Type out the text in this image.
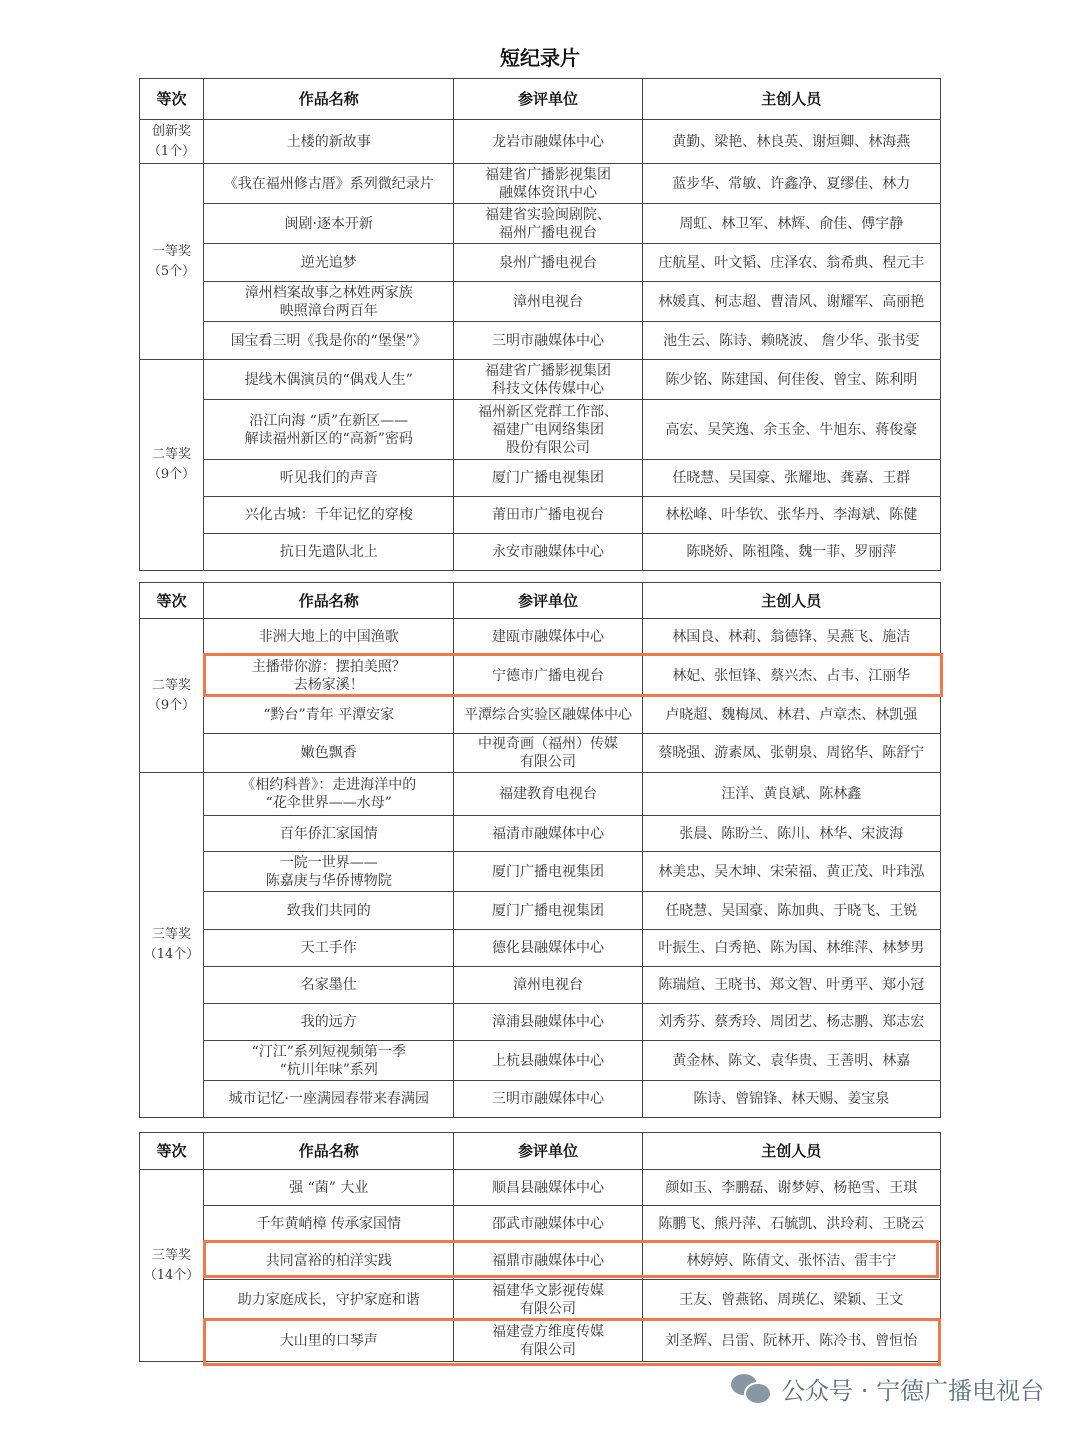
短纪录片
等次	作品名称	参评单位	主创人员

创新奖
（1个）	土楼的新故事	龙岩市融媒体中心	黄勤、梁艳、林良英、谢烜卿、林海燕

一等奖
（5个）	《我在福州修古厝》系列微纪录片	福建省广播影视集团
融媒体资讯中心	蓝步华、常敏、许鑫净、夏缪佳、林力

	闽剧·逐本开新	福建省实验闽剧院、
福州广播电视台	周虹、林卫军、林辉、俞佳、傅宇静

	逆光追梦	泉州广播电视台	庄航星、叶文韬、庄泽农、翁希典、程元丰

	漳州档案故事之林姓两家族
映照漳台两百年	漳州电视台	林媛真、柯志超、曹清风、谢耀军、高丽艳

	国宝看三明《我是你的“堡堡”》	三明市融媒体中心	池生云、陈诗、赖晓波、 詹少华、张书雯

二等奖
（9个）	提线木偶演员的“偶戏人生”	福建省广播影视集团
科技文体传媒中心	陈少铭、陈建国、何佳俊、曾宝、陈利明

	沿江向海 “质”在新区——
解读福州新区的“高新”密码	福州新区党群工作部、
福建广电网络集团
股份有限公司	高宏、吴笑逸、余玉金、牛旭东、蒋俊豪

	听见我们的声音	厦门广播电视集团	任晓慧、吴国豪、张耀地、龚嘉、王群

	兴化古城：千年记忆的穿梭	莆田市广播电视台	林松峰、叶华钦、张华丹、李海斌、陈健

	抗日先遣队北上	永安市融媒体中心	陈晓娇、陈祖隆、魏一菲、罗丽萍
等次	作品名称	参评单位	主创人员

二等奖
（9个）	非洲大地上的中国渔歌	建瓯市融媒体中心	林国良、林莉、翁德锋、吴燕飞、施洁

	主播带你游：摆拍美照？
去杨家溪！	宁德市广播电视台	林妃、张恒锋、蔡兴杰、占韦、江丽华

	“黔台”青年 平潭安家	平潭综合实验区融媒体中心	卢晓超、魏梅凤、林君、卢章杰、林凯强

	嫩色飘香	中视奇画（福州）传媒
有限公司	蔡晓强、游素凤、张朝泉、周铭华、陈舒宁

三等奖
（14个）	《相约科普》：走进海洋中的
“花伞世界——水母”	福建教育电视台	汪洋、黄良斌、陈林鑫

	百年侨汇家国情	福清市融媒体中心	张晨、陈盼兰、陈川、林华、宋波海

	一院一世界——
陈嘉庚与华侨博物院	厦门广播电视集团	林美忠、吴木坤、宋荣福、黄正茂、叶玮泓

	致我们共同的	厦门广播电视集团	任晓慧、吴国豪、陈加典、于晓飞、王锐

	天工手作	德化县融媒体中心	叶振生、白秀艳、陈为国、林维萍、林梦男

	名家墨仕	漳州电视台	陈瑞煊、王晓书、郑文智、叶勇平、郑小冠

	我的远方	漳浦县融媒体中心	刘秀芬、蔡秀玲、周团艺、杨志鹏、郑志宏

	“汀江”系列短视频第一季
“杭川年味”系列	上杭县融媒体中心	黄金林、陈文、袁华贵、王善明、林嘉

	城市记忆·一座满园春带来春满园	三明市融媒体中心	陈诗、曾锦锋、林天赐、姜宝泉
等次	作品名称	参评单位	主创人员

三等奖
（14个）	强 “菌” 大业	顺昌县融媒体中心	颜如玉、李鹏磊、谢梦婷、杨艳雪、王琪

	千年黄峭樟 传承家国情	邵武市融媒体中心	陈鹏飞、熊丹萍、石毓凯、洪玲莉、王晓云

	共同富裕的柏洋实践	福鼎市融媒体中心	林婷婷、陈倩文、张怀洁、雷丰宁

	助力家庭成长，守护家庭和谐	福建华文影视传媒
有限公司	王友、曾燕铭、周瑛亿、梁颖、王文

	大山里的口琴声	福建壹方维度传媒
有限公司	刘圣辉、吕雷、阮林开、陈冷书、曾恒怡
公众号 · 宁德广播电视台
